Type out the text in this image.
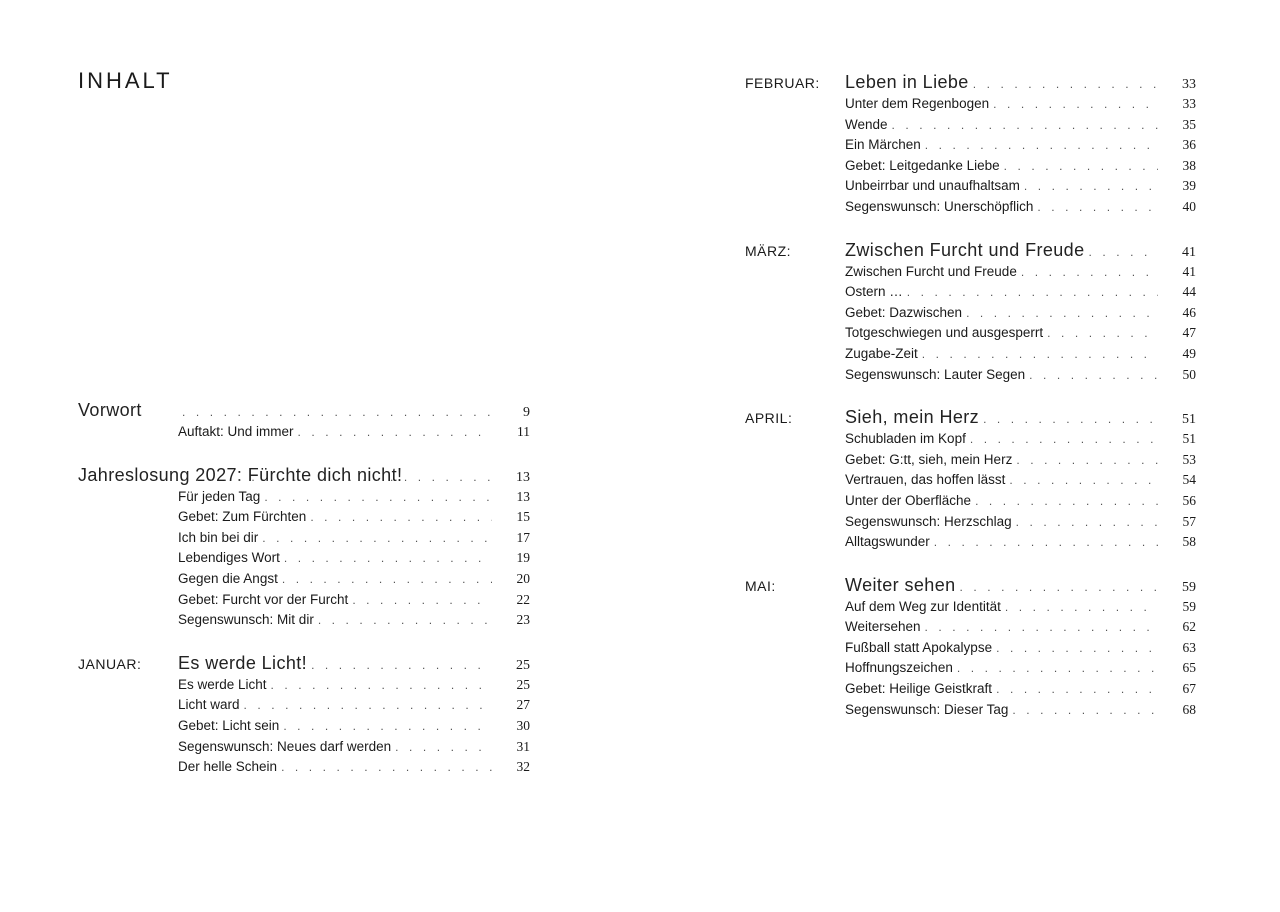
INHALT
Vorwort . . .	9
Auftakt: Und immer . . .	11
Jahreslosung 2027: Fürchte dich nicht! . . .	13
Für jeden Tag . . .	13
Gebet: Zum Fürchten . . .	15
Ich bin bei dir . . .	17
Lebendiges Wort . . .	19
Gegen die Angst . . .	20
Gebet: Furcht vor der Furcht . . .	22
Segenswunsch: Mit dir . . .	23
JANUAR:	Es werde Licht! . . .	25
Es werde Licht . . .	25
Licht ward . . .	27
Gebet: Licht sein . . .	30
Segenswunsch: Neues darf werden . . .	31
Der helle Schein . . .	32
FEBRUAR:	Leben in Liebe . . .	33
Unter dem Regenbogen . . .	33
Wende . . .	35
Ein Märchen . . .	36
Gebet: Leitgedanke Liebe . . .	38
Unbeirrbar und unaufhaltsam . . .	39
Segenswunsch: Unerschöpflich . . .	40
MÄRZ:	Zwischen Furcht und Freude . . .	41
Zwischen Furcht und Freude . . .	41
Ostern … . . .	44
Gebet: Dazwischen . . .	46
Totgeschwiegen und ausgesperrt . . .	47
Zugabe-Zeit . . .	49
Segenswunsch: Lauter Segen . . .	50
APRIL:	Sieh, mein Herz . . .	51
Schubladen im Kopf . . .	51
Gebet: G:tt, sieh, mein Herz . . .	53
Vertrauen, das hoffen lässt . . .	54
Unter der Oberfläche . . .	56
Segenswunsch: Herzschlag . . .	57
Alltagswunder . . .	58
MAI:	Weiter sehen . . .	59
Auf dem Weg zur Identität . . .	59
Weitersehen . . .	62
Fußball statt Apokalypse . . .	63
Hoffnungszeichen . . .	65
Gebet: Heilige Geistkraft . . .	67
Segenswunsch: Dieser Tag . . .	68
